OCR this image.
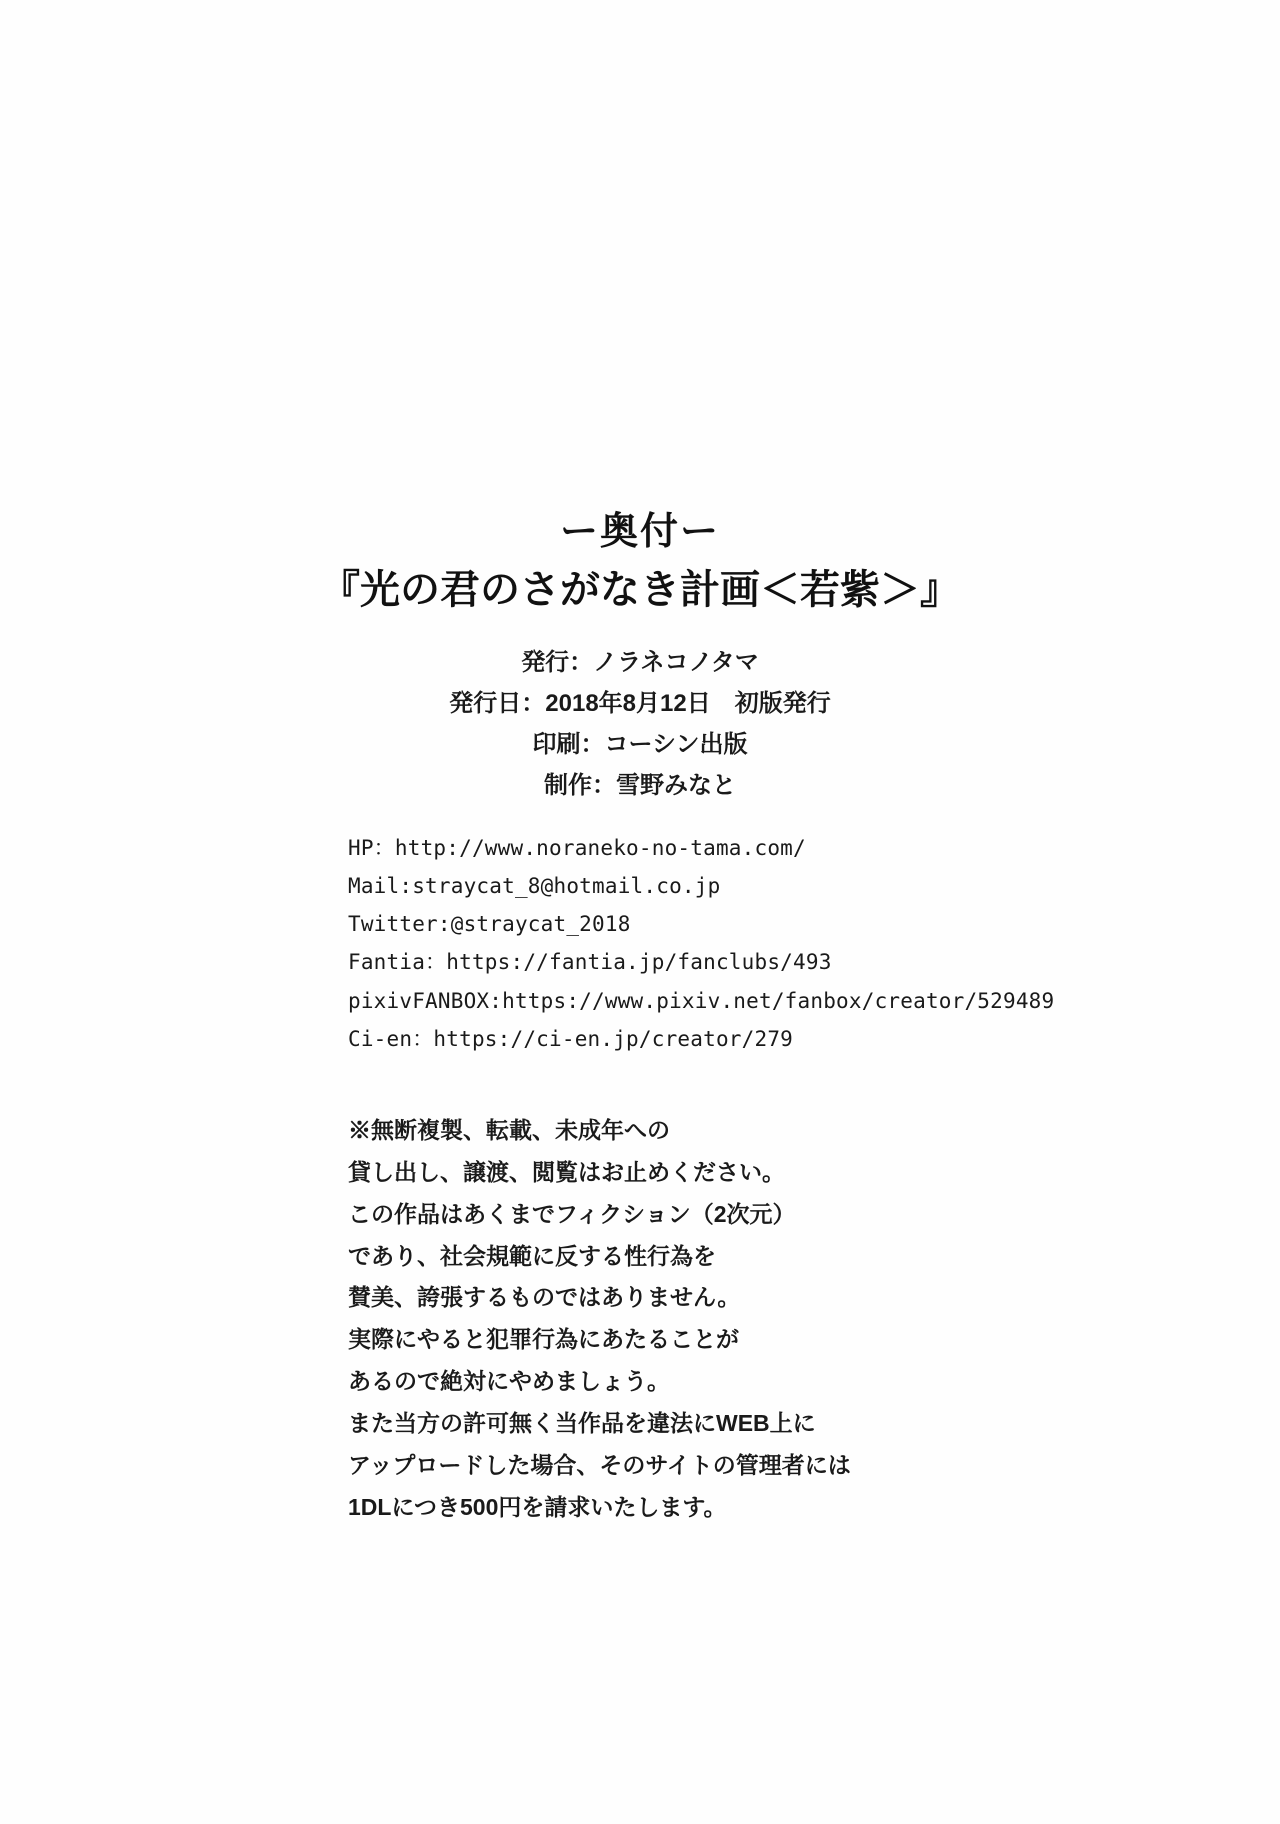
ー奥付ー

『光の君のさがなき計画＜若紫＞』

発行：ノラネコノタマ

発行日：2018年8月12日　初版発行

印刷：コーシン出版

制作：雪野みなと

HP：http://www.noraneko-no-tama.com/

Mail:straycat_8@hotmail.co.jp

Twitter:@straycat_2018

Fantia：https://fantia.jp/fanclubs/493

pixivFANBOX:https://www.pixiv.net/fanbox/creator/529489

Ci-en：https://ci-en.jp/creator/279

※無断複製、転載、未成年への

貸し出し、譲渡、閲覧はお止めください。

この作品はあくまでフィクション（2次元）

であり、社会規範に反する性行為を

賛美、誇張するものではありません。

実際にやると犯罪行為にあたることが

あるので絶対にやめましょう。

また当方の許可無く当作品を違法にWEB上に

アップロードした場合、そのサイトの管理者には

1DLにつき500円を請求いたします。
